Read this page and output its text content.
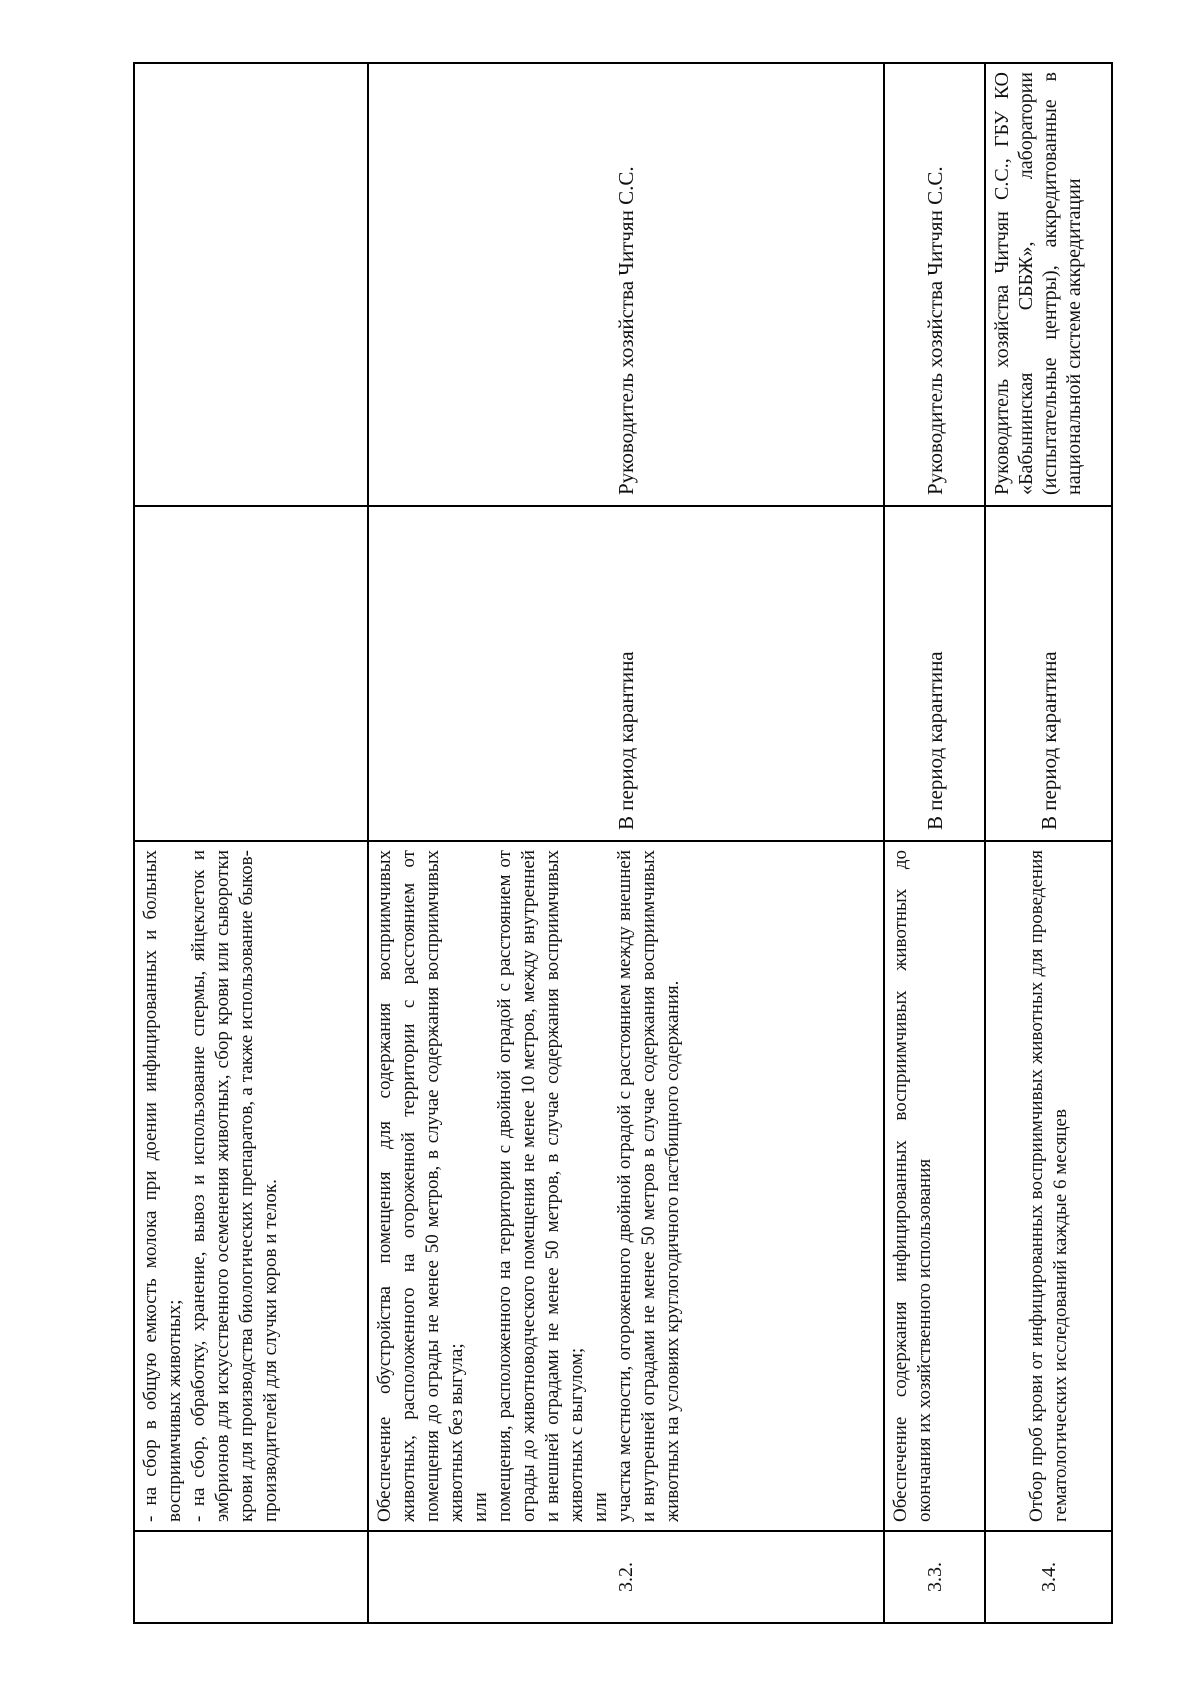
	- на сбор в общую емкость молока при доении инфицированных и больных восприимчивых животных; - на сбор, обработку, хранение, вывоз и использование спермы, яйцеклеток и эмбрионов для искусственного осеменения животных, сбор крови или сыворотки крови для производства биологических препаратов, а также использование быков-производителей для случки коров и телок.		

3.2.	Обеспечение обустройства помещения для содержания восприимчивых животных, расположенного на огороженной территории с расстоянием от помещения до ограды не менее 50 метров, в случае содержания восприимчивых животных без выгула; или помещения, расположенного на территории с двойной оградой с расстоянием от ограды до животноводческого помещения не менее 10 метров, между внутренней и внешней оградами не менее 50 метров, в случае содержания восприимчивых животных с выгулом; или участка местности, огороженного двойной оградой с расстоянием между внешней и внутренней оградами не менее 50 метров в случае содержания восприимчивых животных на условиях круглогодичного пастбищного содержания.	В период карантина	Руководитель хозяйства Читчян С.С.
3.3.	Обеспечение содержания инфицированных восприимчивых животных до окончания их хозяйственного использования	В период карантина	Руководитель хозяйства Читчян С.С.
3.4.	Отбор проб крови от инфицированных восприимчивых животных для проведения гематологических исследований каждые 6 месяцев	В период карантина	Руководитель хозяйства Читчян С.С., ГБУ КО «Бабынинская СББЖ», лаборатории (испытательные центры), аккредитованные в национальной системе аккредитации
